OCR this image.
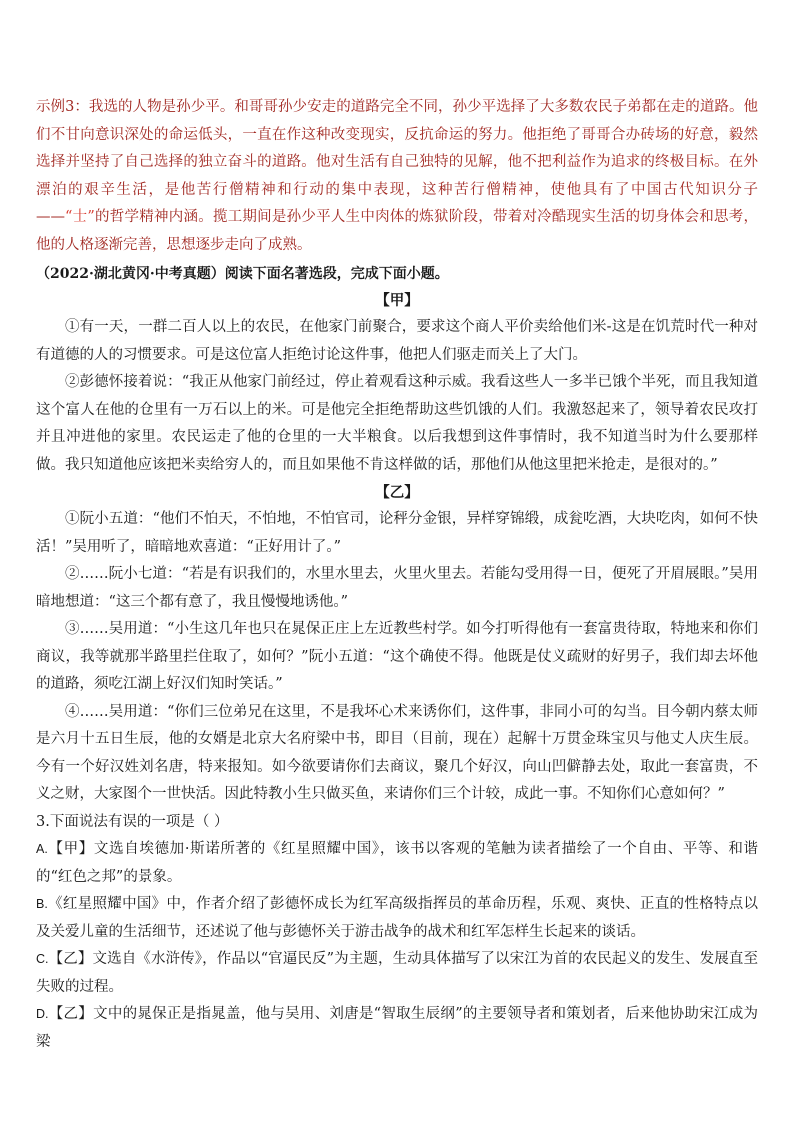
示例3：我选的人物是孙少平。和哥哥孙少安走的道路完全不同，孙少平选择了大多数农民子弟都在走的道路。他们不甘向意识深处的命运低头，一直在作这种改变现实，反抗命运的努力。他拒绝了哥哥合办砖场的好意，毅然选择并坚持了自己选择的独立奋斗的道路。他对生活有自己独特的见解，他不把利益作为追求的终极目标。在外漂泊的艰辛生活，是他苦行僧精神和行动的集中表现，这种苦行僧精神，使他具有了中国古代知识分子——“士”的哲学精神内涵。揽工期间是孙少平人生中肉体的炼狱阶段，带着对冷酷现实生活的切身体会和思考，他的人格逐渐完善，思想逐步走向了成熟。

（2022·湖北黄冈·中考真题）阅读下面名著选段，完成下面小题。

【甲】

①有一天，一群二百人以上的农民，在他家门前聚合，要求这个商人平价卖给他们米-这是在饥荒时代一种对有道德的人的习惯要求。可是这位富人拒绝讨论这件事，他把人们驱走而关上了大门。

②彭德怀接着说：“我正从他家门前经过，停止着观看这种示威。我看这些人一多半已饿个半死，而且我知道这个富人在他的仓里有一万石以上的米。可是他完全拒绝帮助这些饥饿的人们。我激怒起来了，领导着农民攻打并且冲进他的家里。农民运走了他的仓里的一大半粮食。以后我想到这件事情时，我不知道当时为什么要那样做。我只知道他应该把米卖给穷人的，而且如果他不肯这样做的话，那他们从他这里把米抢走，是很对的。”

【乙】

①阮小五道：“他们不怕天，不怕地，不怕官司，论秤分金银，异样穿锦缎，成瓮吃酒，大块吃肉，如何不快活！”吴用听了，暗暗地欢喜道：“正好用计了。”

②……阮小七道：“若是有识我们的，水里水里去，火里火里去。若能勾受用得一日，便死了开眉展眼。”吴用暗地想道：“这三个都有意了，我且慢慢地诱他。”

③……吴用道：“小生这几年也只在晁保正庄上左近教些村学。如今打听得他有一套富贵待取，特地来和你们商议，我等就那半路里拦住取了，如何？”阮小五道：“这个确使不得。他既是仗义疏财的好男子，我们却去坏他的道路，须吃江湖上好汉们知时笑话。”

④……吴用道：“你们三位弟兄在这里，不是我坏心术来诱你们，这件事，非同小可的勾当。目今朝内蔡太师是六月十五日生辰，他的女婿是北京大名府梁中书，即目（目前，现在）起解十万贯金珠宝贝与他丈人庆生辰。今有一个好汉姓刘名唐，特来报知。如今欲要请你们去商议，聚几个好汉，向山凹僻静去处，取此一套富贵，不义之财，大家图个一世快活。因此特教小生只做买鱼，来请你们三个计较，成此一事。不知你们心意如何？”

3.下面说法有误的一项是（ ）

A.【甲】文选自埃德加·斯诺所著的《红星照耀中国》，该书以客观的笔触为读者描绘了一个自由、平等、和谐的“红色之邦”的景象。

B.《红星照耀中国》中，作者介绍了彭德怀成长为红军高级指挥员的革命历程，乐观、爽快、正直的性格特点以及关爱儿童的生活细节，还述说了他与彭德怀关于游击战争的战术和红军怎样生长起来的谈话。

C.【乙】文选自《水浒传》，作品以“官逼民反”为主题，生动具体描写了以宋江为首的农民起义的发生、发展直至失败的过程。

D.【乙】文中的晁保正是指晁盖，他与吴用、刘唐是“智取生辰纲”的主要领导者和策划者，后来他协助宋江成为梁
